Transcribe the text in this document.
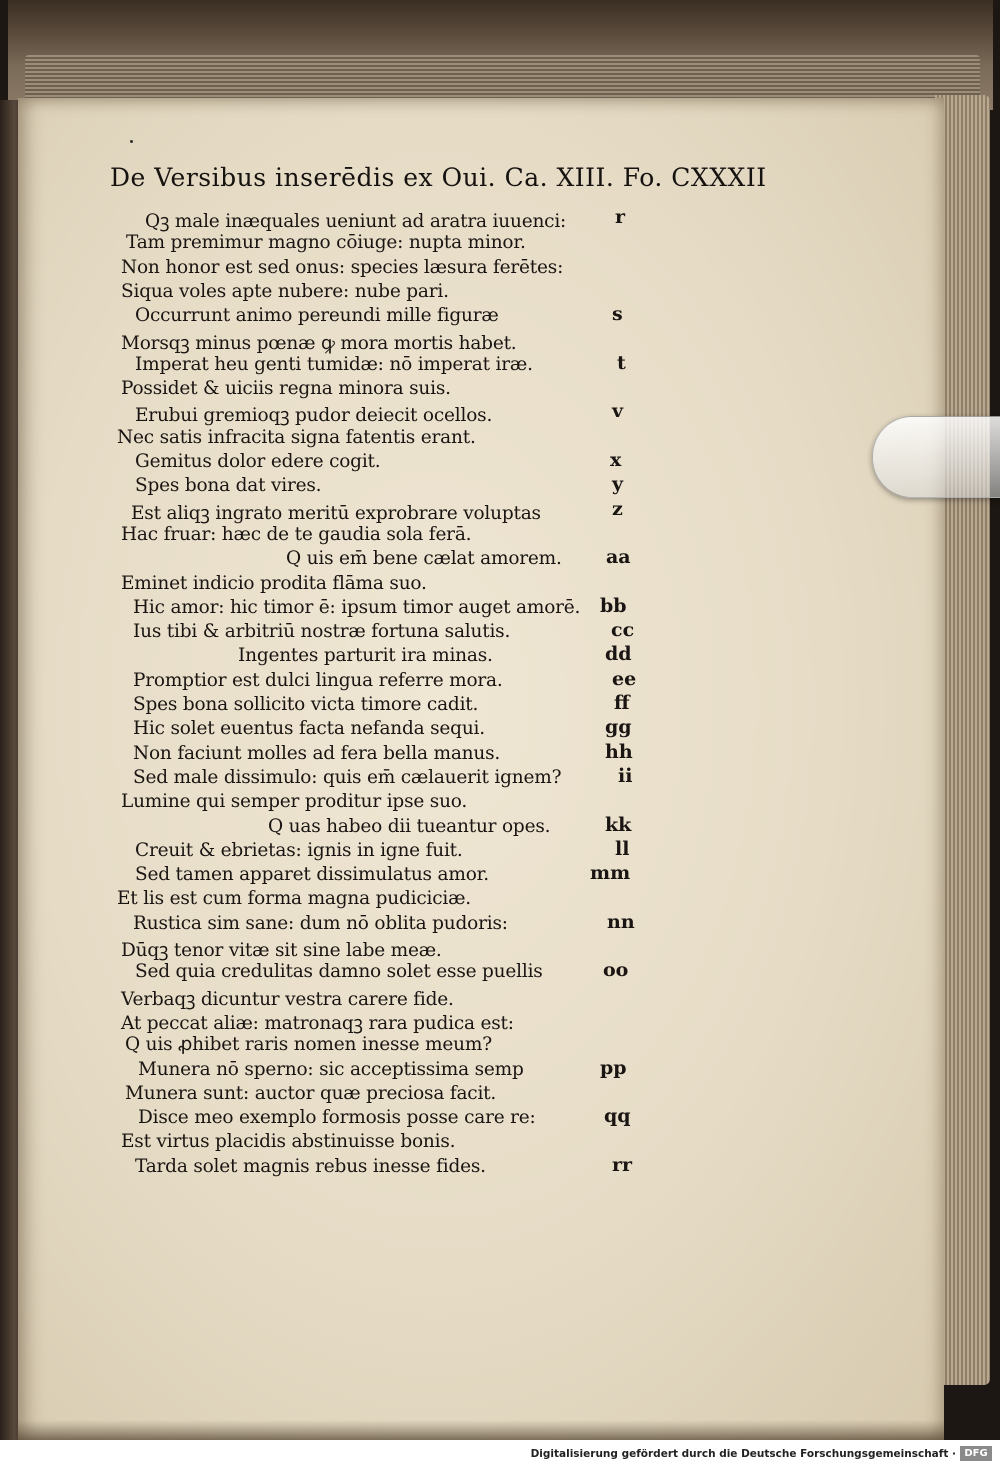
De Versibus inserēdis ex Oui. Ca. XIII. Fo. CXXXII
Qꝫ male inæquales ueniunt ad aratra iuuenci:	r
Tam premimur magno cōiuge: nupta minor.
Non honor est sed onus: species læsura ferētes:
Siqua voles apte nubere: nube pari.
Occurrunt animo pereundi mille figuræ	s
Morsqꝫ minus pœnæ ꝙ mora mortis habet.
Imperat heu genti tumidæ: nō imperat iræ.	t
Possidet & uiciis regna minora suis.
Erubui gremioqꝫ pudor deiecit ocellos.	v
Nec satis infracita signa fatentis erant.
Gemitus dolor edere cogit.	x
Spes bona dat vires.	y
Est aliqꝫ ingrato meritū exprobrare voluptas	z
Hac fruar: hæc de te gaudia sola ferā.
Q uis em̄ bene cælat amorem. aa
Eminet indicio prodita flāma suo.
Hic amor: hic timor ē: ipsum timor auget amorē. bb
Ius tibi & arbitriū nostræ fortuna salutis.	cc
Ingentes parturit ira minas.	dd
Promptior est dulci lingua referre mora.	ee
Spes bona sollicito victa timore cadit.	ff
Hic solet euentus facta nefanda sequi.	gg
Non faciunt molles ad fera bella manus.	hh
Sed male dissimulo: quis em̄ cælauerit ignem?	ii
Lumine qui semper proditur ipse suo.
Q uas habeo dii tueantur opes.	kk
Creuit & ebrietas: ignis in igne fuit.	ll
Sed tamen apparet dissimulatus amor.	mm
Et lis est cum forma magna pudiciciæ.
Rustica sim sane: dum nō oblita pudoris:	nn
Dūqꝫ tenor vitæ sit sine labe meæ.
Sed quia credulitas damno solet esse puellis	oo
Verbaqꝫ dicuntur vestra carere fide.
At peccat aliæ: matronaqꝫ rara pudica est:
Q uis ꝓhibet raris nomen inesse meum?
Munera nō sperno: sic acceptissima semp	pp
Munera sunt: auctor quæ preciosa facit.
Disce meo exemplo formosis posse care re:	qq
Est virtus placidis abstinuisse bonis.
Tarda solet magnis rebus inesse fides.	rr
Digitalisierung gefördert durch die Deutsche Forschungsgemeinschaft · DFG
